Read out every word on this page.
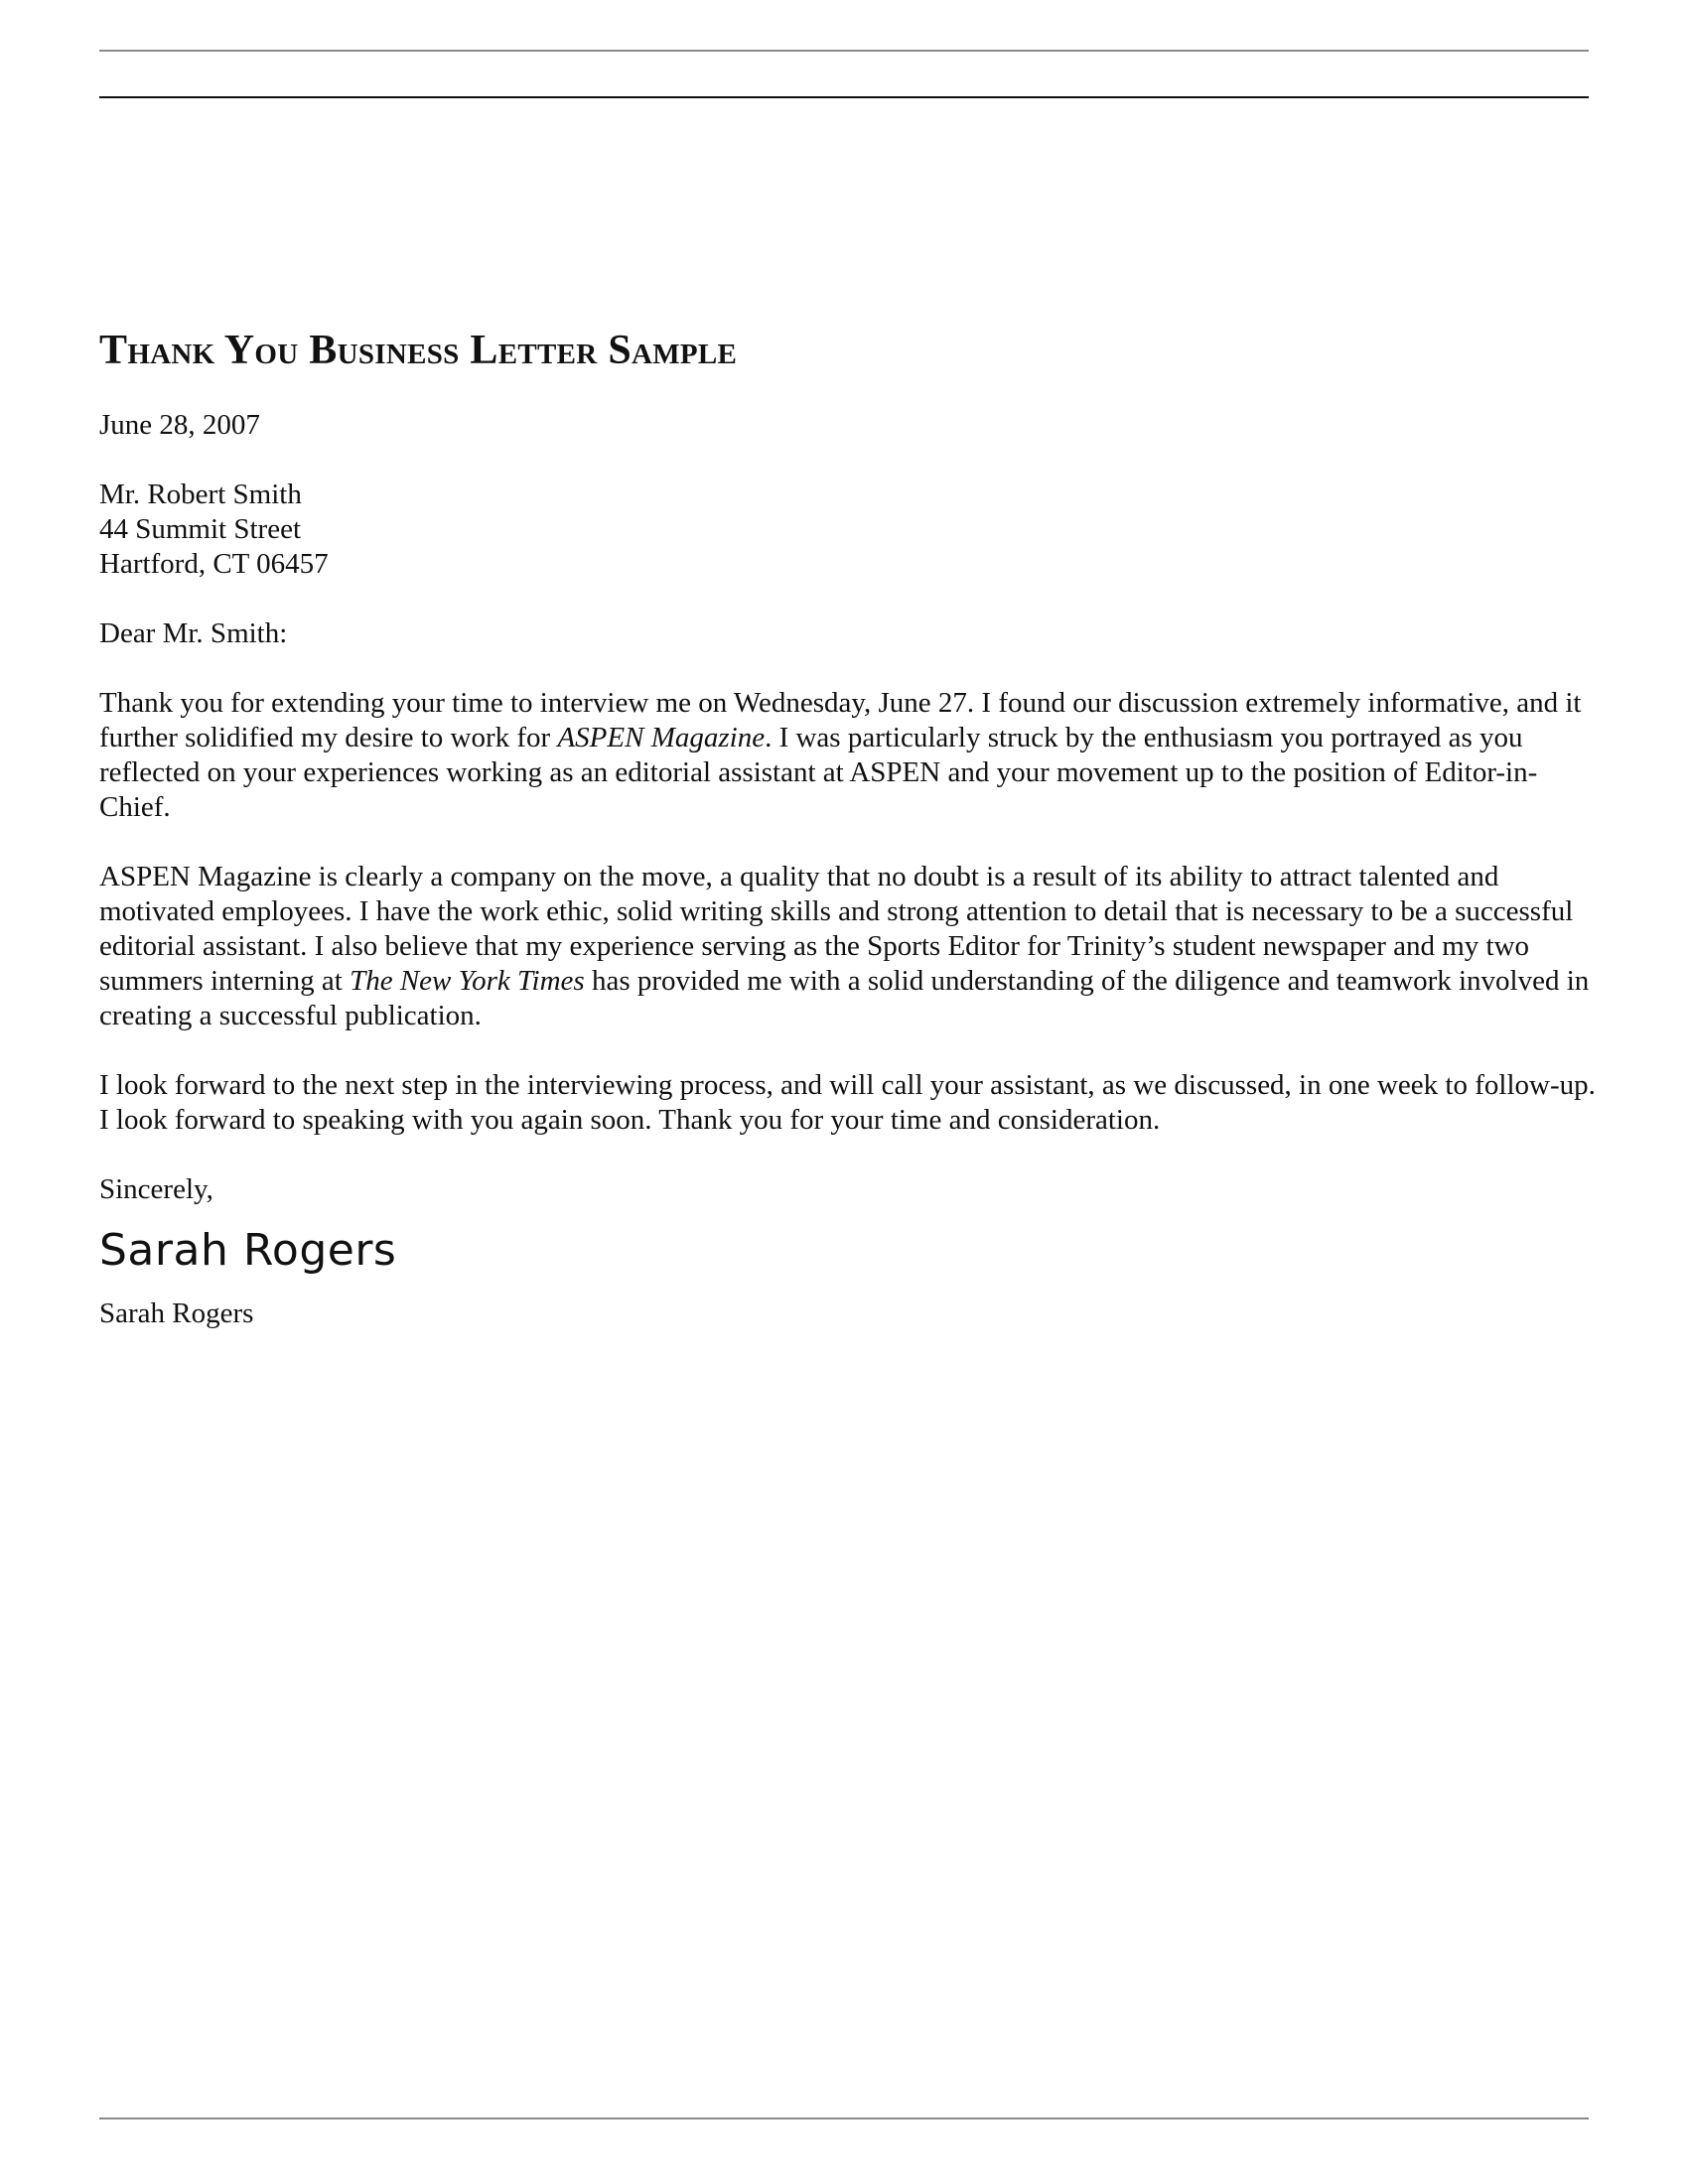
Thank You Business Letter Sample
June 28, 2007
Mr. Robert Smith
44 Summit Street
Hartford, CT 06457
Dear Mr. Smith:

Thank you for extending your time to interview me on Wednesday, June 27. I found our discussion extremely informative, and it further solidified my desire to work for ASPEN Magazine. I was particularly struck by the enthusiasm you portrayed as you reflected on your experiences working as an editorial assistant at ASPEN and your movement up to the position of Editor-in-Chief.

ASPEN Magazine is clearly a company on the move, a quality that no doubt is a result of its ability to attract talented and motivated employees. I have the work ethic, solid writing skills and strong attention to detail that is necessary to be a successful editorial assistant. I also believe that my experience serving as the Sports Editor for Trinity’s student newspaper and my two summers interning at The New York Times has provided me with a solid understanding of the diligence and teamwork involved in creating a successful publication.

I look forward to the next step in the interviewing process, and will call your assistant, as we discussed, in one week to follow-up. I look forward to speaking with you again soon. Thank you for your time and consideration.

Sincerely,
Sarah Rogers
Sarah Rogers
